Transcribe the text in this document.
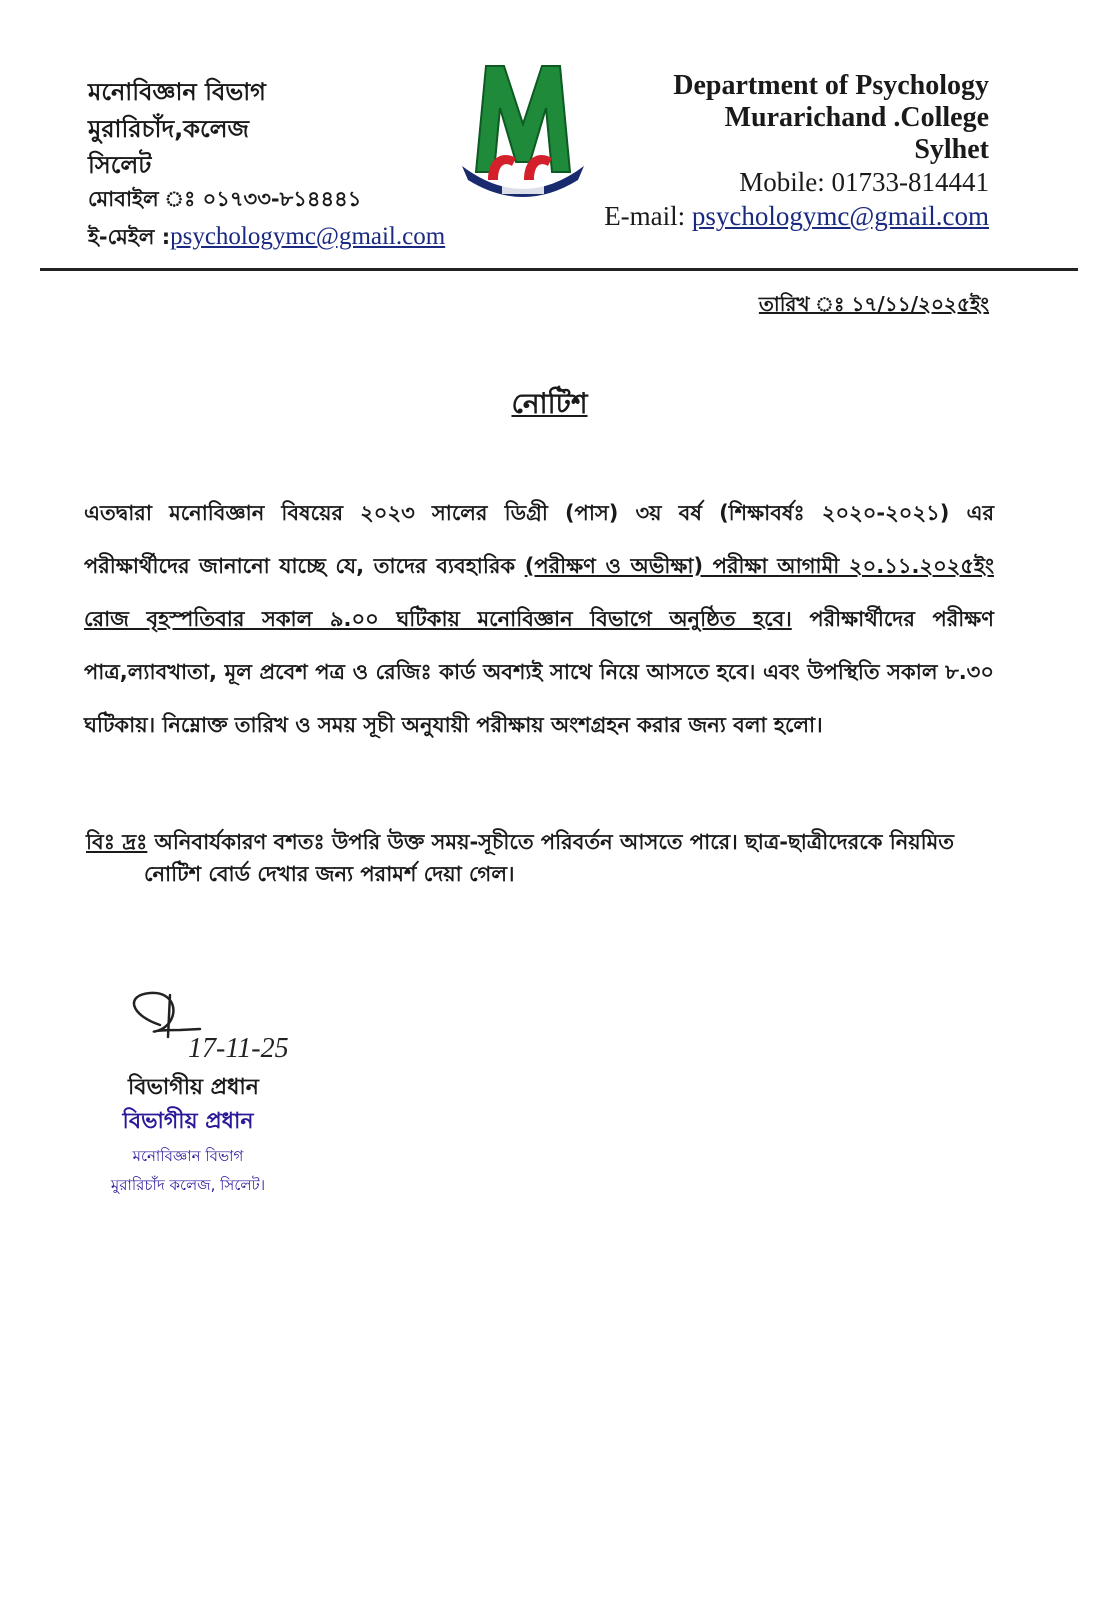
মনোবিজ্ঞান বিভাগ
মুরারিচাঁদ,কলেজ
সিলেট
মোবাইল ঃ ০১৭৩৩-৮১৪৪৪১
ই-মেইল :psychologymc@gmail.com
Department of Psychology
Murarichand .College
Sylhet
Mobile: 01733-814441
E-mail: psychologymc@gmail.com
তারিখ ঃ ১৭/১১/২০২৫ইং
নোটিশ
এতদ্বারা মনোবিজ্ঞান বিষয়ের ২০২৩ সালের ডিগ্রী (পাস) ৩য় বর্ষ (শিক্ষাবর্ষঃ ২০২০-২০২১) এর পরীক্ষার্থীদের জানানো যাচ্ছে যে, তাদের ব্যবহারিক (পরীক্ষণ ও অভীক্ষা) পরীক্ষা আগামী ২০.১১.২০২৫ইং রোজ বৃহস্পতিবার সকাল ৯.০০ ঘটিকায় মনোবিজ্ঞান বিভাগে অনুষ্ঠিত হবে। পরীক্ষার্থীদের পরীক্ষণ পাত্র,ল্যাবখাতা, মূল প্রবেশ পত্র ও রেজিঃ কার্ড অবশ্যই সাথে নিয়ে আসতে হবে। এবং উপস্থিতি সকাল ৮.৩০ ঘটিকায়। নিম্নোক্ত তারিখ ও সময় সূচী অনুযায়ী পরীক্ষায় অংশগ্রহন করার জন্য বলা হলো।
বিঃ দ্রঃ অনিবার্যকারণ বশতঃ উপরি উক্ত সময়-সূচীতে পরিবর্তন আসতে পারে। ছাত্র-ছাত্রীদেরকে নিয়মিত
নোটিশ বোর্ড দেখার জন্য পরামর্শ দেয়া গেল।
17-11-25
বিভাগীয় প্রধান
বিভাগীয় প্রধান
মনোবিজ্ঞান বিভাগ
মুরারিচাঁদ কলেজ, সিলেট।
